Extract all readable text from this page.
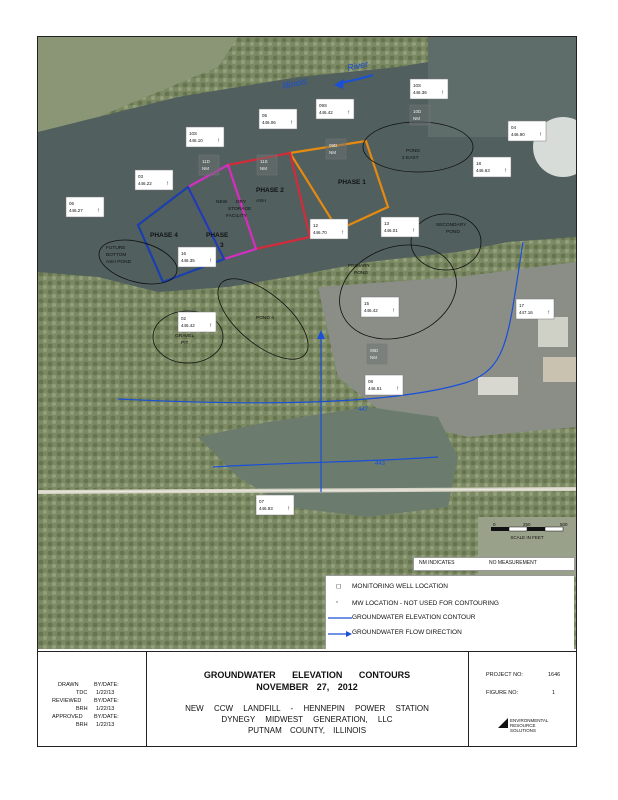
Illinois
River
PHASE 1
PHASE 2
PHASE
3
PHASE 4
NEW DRY ASH
STORAGE
FACILITY
POND
2 EAST
SECONDARY
POND
PRIMARY
POND
POND 4
FUTURE
BOTTOM
ASH POND
GRAVEL
PIT
447
443
0	250	500
SCALE IN FEET
10S
446.36 ↑
10D
NM
09S
446.42 ↑
04
446.90 ↑
05
446.06 ↑
10S
446.10 ↑
09D
NM
18
446.63 ↑
03
446.22 ↑
11D
NM
11S
NM
06
446.27 ↑
12
446.70 ↑
13
446.01 ↑
16
446.35 ↑
17
447.16 ↑
15
446.42 ↑
02
446.42 ↑
08D
NM
08
446.51 ↑
07
446.93 ↑
NM INDICATES	NO MEASUREMENT
◻ MONITORING WELL LOCATION
▫ MW LOCATION - NOT USED FOR CONTOURING
GROUNDWATER ELEVATION CONTOUR
GROUNDWATER FLOW DIRECTION
DRAWN	BY/DATE:
TDC 1/22/13
REVIEWED BY/DATE:
BRH 1/22/13
APPROVED BY/DATE:
BRH 1/22/13
GROUNDWATER ELEVATION CONTOURS
NOVEMBER 27, 2012
NEW CCW LANDFILL - HENNEPIN POWER STATION
DYNEGY MIDWEST GENERATION, LLC
PUTNAM COUNTY, ILLINOIS
PROJECT NO:	1646
FIGURE NO:	1
ENVIRONMENTAL
RESOURCE
SOLUTIONS
